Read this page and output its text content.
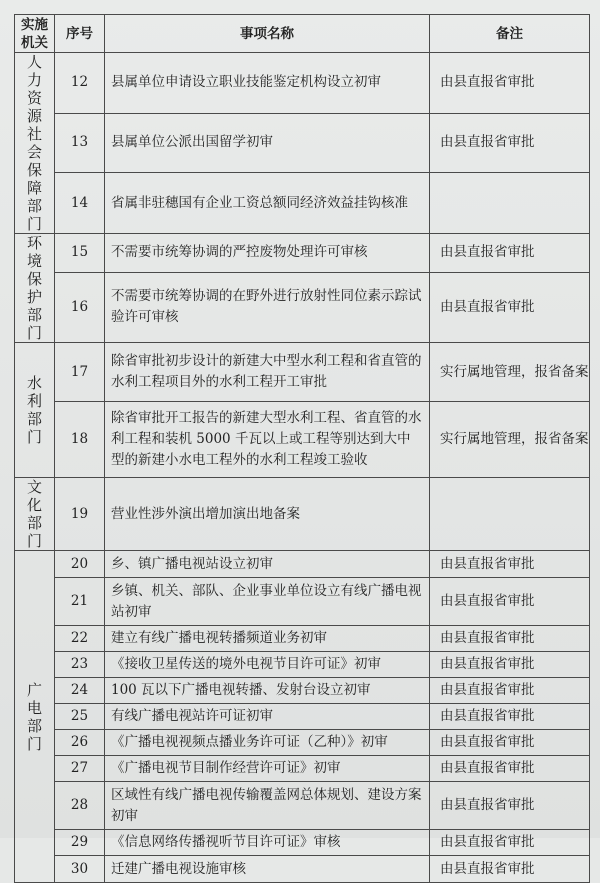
实施机关	序号	事项名称	备注
人力资源社会保障部门	12	县属单位申请设立职业技能鉴定机构设立初审	由县直报省审批
	13	县属单位公派出国留学初审	由县直报省审批
	14	省属非驻穗国有企业工资总额同经济效益挂钩核准	
环境保护部门	15	不需要市统筹协调的严控废物处理许可审核	由县直报省审批
	16	不需要市统筹协调的在野外进行放射性同位素示踪试验许可审核	由县直报省审批
水利部门	17	除省审批初步设计的新建大中型水利工程和省直管的水利工程项目外的水利工程开工审批	实行属地管理，报省备案
	18	除省审批开工报告的新建大型水利工程、省直管的水利工程和装机 5000 千瓦以上或工程等别达到大中型的新建小水电工程外的水利工程竣工验收	实行属地管理，报省备案
文化部门	19	营业性涉外演出增加演出地备案	
广电部门	20	乡、镇广播电视站设立初审	由县直报省审批
	21	乡镇、机关、部队、企业事业单位设立有线广播电视站初审	由县直报省审批
	22	建立有线广播电视转播频道业务初审	由县直报省审批
	23	《接收卫星传送的境外电视节目许可证》初审	由县直报省审批
	24	100 瓦以下广播电视转播、发射台设立初审	由县直报省审批
	25	有线广播电视站许可证初审	由县直报省审批
	26	《广播电视视频点播业务许可证（乙种）》初审	由县直报省审批
	27	《广播电视节目制作经营许可证》初审	由县直报省审批
	28	区域性有线广播电视传输覆盖网总体规划、建设方案初审	由县直报省审批
	29	《信息网络传播视听节目许可证》审核	由县直报省审批
	30	迁建广播电视设施审核	由县直报省审批
